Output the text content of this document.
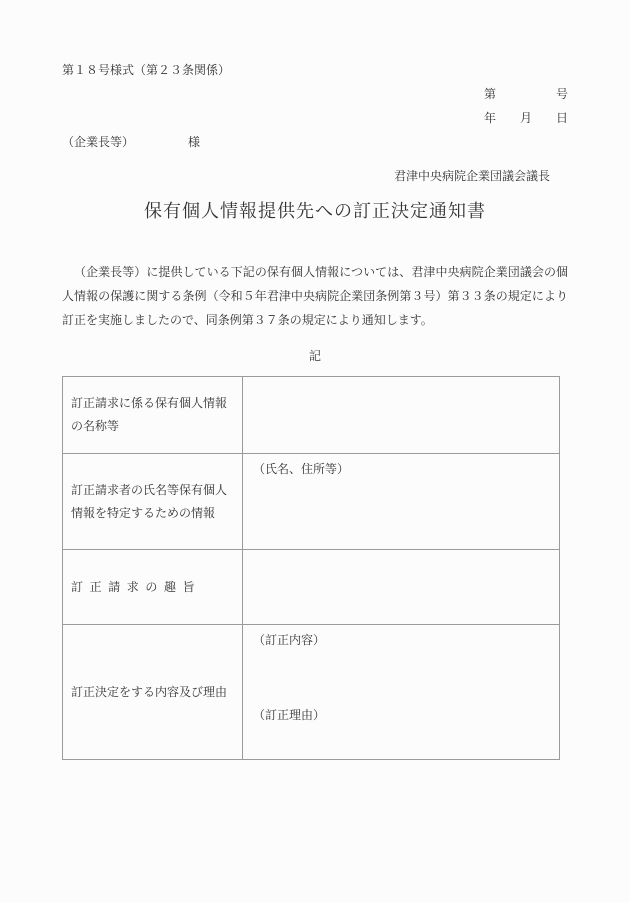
第１８号様式（第２３条関係）
第　　　　　号
年　　月　　日
（企業長等）　　　　　様
君津中央病院企業団議会議長
保有個人情報提供先への訂正決定通知書

（企業長等）に提供している下記の保有個人情報については、君津中央病院企業団議会の個人情報の保護に関する条例（令和５年君津中央病院企業団条例第３号）第３３条の規定により訂正を実施しましたので、同条例第３７条の規定により通知します。

記
訂正請求に係る保有個人情報の名称等	
訂正請求者の氏名等保有個人情報を特定するための情報	（氏名、住所等）
訂正請求の趣旨	
訂正決定をする内容及び理由	（訂正内容）
（訂正理由）
